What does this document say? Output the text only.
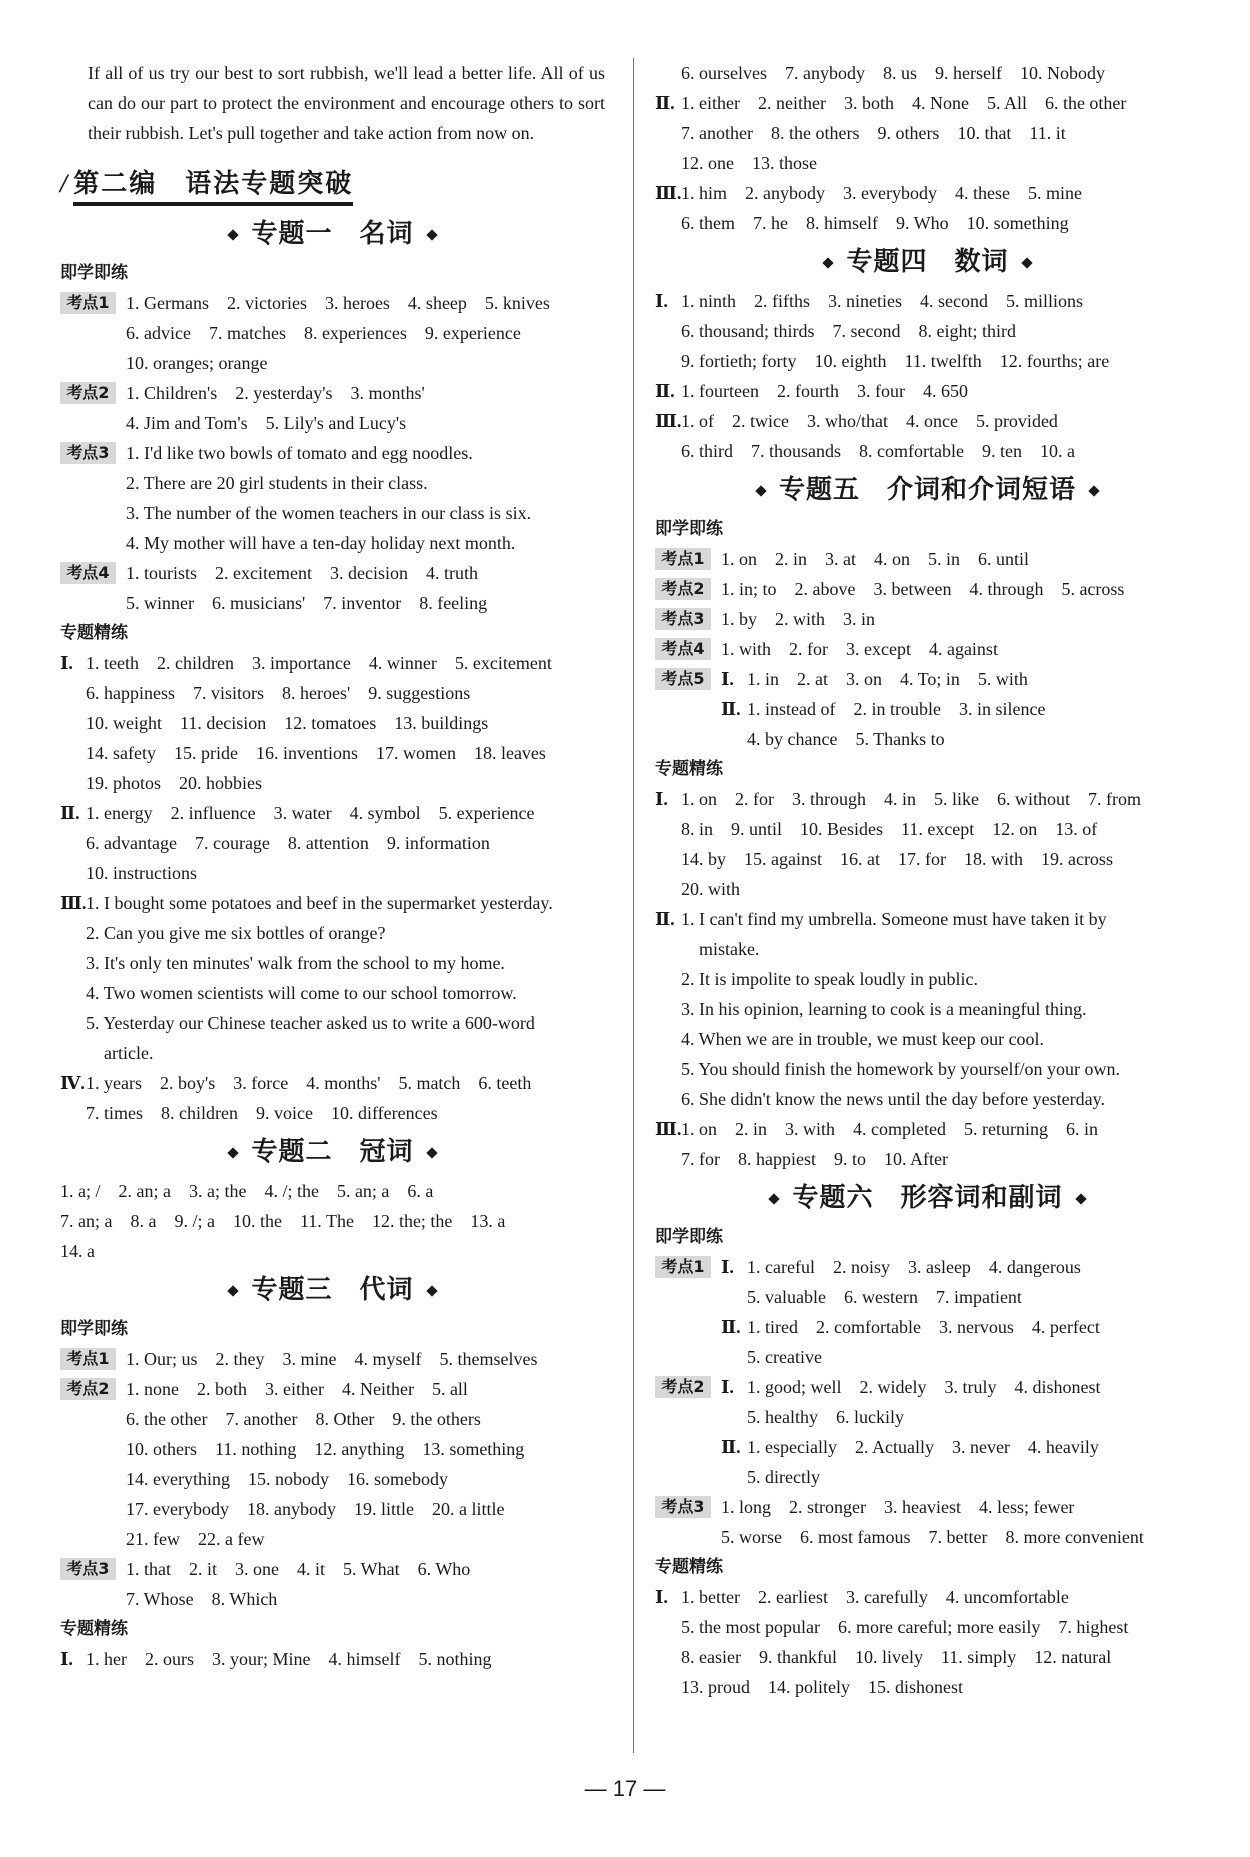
If all of us try our best to sort rubbish, we'll lead a better life. All of us can do our part to protect the environment and encourage others to sort their rubbish. Let's pull together and take action from now on.
/ 第二编　语法专题突破
专题一　名词
即学即练
考点1 1. Germans　2. victories　3. heroes　4. sheep　5. knives
6. advice　7. matches　8. experiences　9. experience
10. oranges; orange
考点2 1. Children's　2. yesterday's　3. months'
4. Jim and Tom's　5. Lily's and Lucy's
考点3 1. I'd like two bowls of tomato and egg noodles.
2. There are 20 girl students in their class.
3. The number of the women teachers in our class is six.
4. My mother will have a ten-day holiday next month.
考点4 1. tourists　2. excitement　3. decision　4. truth
5. winner　6. musicians'　7. inventor　8. feeling
专题精练
Ⅰ. 1. teeth　2. children　3. importance　4. winner　5. excitement
6. happiness　7. visitors　8. heroes'　9. suggestions
10. weight　11. decision　12. tomatoes　13. buildings
14. safety　15. pride　16. inventions　17. women　18. leaves
19. photos　20. hobbies
Ⅱ. 1. energy　2. influence　3. water　4. symbol　5. experience
6. advantage　7. courage　8. attention　9. information
10. instructions
Ⅲ. 1. I bought some potatoes and beef in the supermarket yesterday.
2. Can you give me six bottles of orange?
3. It's only ten minutes' walk from the school to my home.
4. Two women scientists will come to our school tomorrow.
5. Yesterday our Chinese teacher asked us to write a 600-word
article.
Ⅳ. 1. years　2. boy's　3. force　4. months'　5. match　6. teeth
7. times　8. children　9. voice　10. differences
专题二　冠词
1. a; /　2. an; a　3. a; the　4. /; the　5. an; a　6. a
7. an; a　8. a　9. /; a　10. the　11. The　12. the; the　13. a
14. a
专题三　代词
即学即练
考点1 1. Our; us　2. they　3. mine　4. myself　5. themselves
考点2 1. none　2. both　3. either　4. Neither　5. all
6. the other　7. another　8. Other　9. the others
10. others　11. nothing　12. anything　13. something
14. everything　15. nobody　16. somebody
17. everybody　18. anybody　19. little　20. a little
21. few　22. a few
考点3 1. that　2. it　3. one　4. it　5. What　6. Who
7. Whose　8. Which
专题精练
Ⅰ. 1. her　2. ours　3. your; Mine　4. himself　5. nothing
6. ourselves　7. anybody　8. us　9. herself　10. Nobody
Ⅱ. 1. either　2. neither　3. both　4. None　5. All　6. the other
7. another　8. the others　9. others　10. that　11. it
12. one　13. those
Ⅲ. 1. him　2. anybody　3. everybody　4. these　5. mine
6. them　7. he　8. himself　9. Who　10. something
专题四　数词
Ⅰ. 1. ninth　2. fifths　3. nineties　4. second　5. millions
6. thousand; thirds　7. second　8. eight; third
9. fortieth; forty　10. eighth　11. twelfth　12. fourths; are
Ⅱ. 1. fourteen　2. fourth　3. four　4. 650
Ⅲ. 1. of　2. twice　3. who/that　4. once　5. provided
6. third　7. thousands　8. comfortable　9. ten　10. a
专题五　介词和介词短语
即学即练
考点1 1. on　2. in　3. at　4. on　5. in　6. until
考点2 1. in; to　2. above　3. between　4. through　5. across
考点3 1. by　2. with　3. in
考点4 1. with　2. for　3. except　4. against
考点5 Ⅰ. 1. in　2. at　3. on　4. To; in　5. with
Ⅱ. 1. instead of　2. in trouble　3. in silence
4. by chance　5. Thanks to
专题精练
Ⅰ. 1. on　2. for　3. through　4. in　5. like　6. without　7. from
8. in　9. until　10. Besides　11. except　12. on　13. of
14. by　15. against　16. at　17. for　18. with　19. across
20. with
Ⅱ. 1. I can't find my umbrella. Someone must have taken it by
mistake.
2. It is impolite to speak loudly in public.
3. In his opinion, learning to cook is a meaningful thing.
4. When we are in trouble, we must keep our cool.
5. You should finish the homework by yourself/on your own.
6. She didn't know the news until the day before yesterday.
Ⅲ. 1. on　2. in　3. with　4. completed　5. returning　6. in
7. for　8. happiest　9. to　10. After
专题六　形容词和副词
即学即练
考点1 Ⅰ. 1. careful　2. noisy　3. asleep　4. dangerous
5. valuable　6. western　7. impatient
Ⅱ. 1. tired　2. comfortable　3. nervous　4. perfect
5. creative
考点2 Ⅰ. 1. good; well　2. widely　3. truly　4. dishonest
5. healthy　6. luckily
Ⅱ. 1. especially　2. Actually　3. never　4. heavily
5. directly
考点3 1. long　2. stronger　3. heaviest　4. less; fewer
5. worse　6. most famous　7. better　8. more convenient
专题精练
Ⅰ. 1. better　2. earliest　3. carefully　4. uncomfortable
5. the most popular　6. more careful; more easily　7. highest
8. easier　9. thankful　10. lively　11. simply　12. natural
13. proud　14. politely　15. dishonest
— 17 —
